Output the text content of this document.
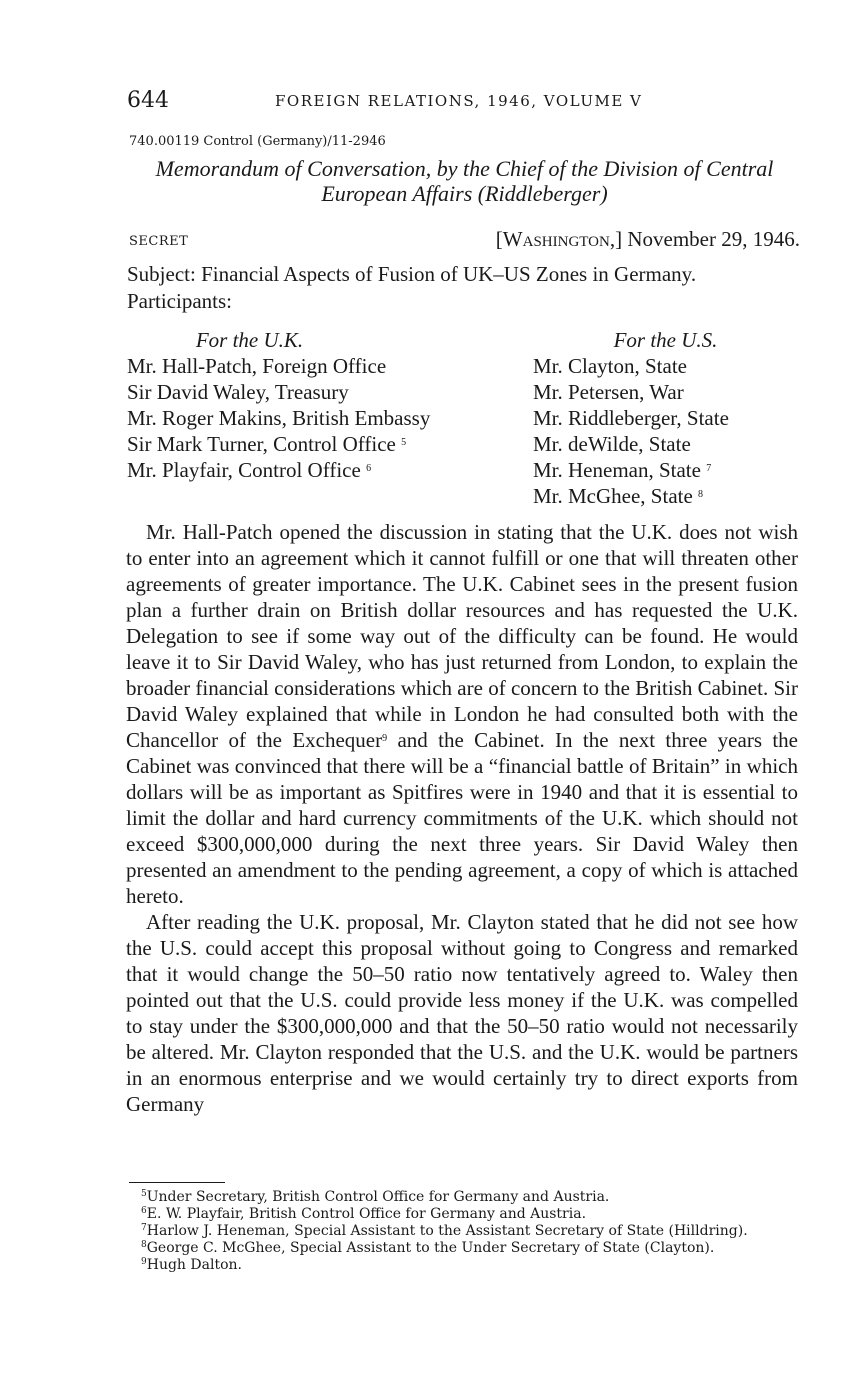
644	FOREIGN RELATIONS, 1946, VOLUME V
740.00119 Control (Germany)/11-2946
Memorandum of Conversation, by the Chief of the Division of Central
European Affairs (Riddleberger)
SECRET	[WASHINGTON,] November 29, 1946.
Subject: Financial Aspects of Fusion of UK–US Zones in Germany.
Participants:
For the U.K.
Mr. Hall-Patch, Foreign Office
Sir David Waley, Treasury
Mr. Roger Makins, British Embassy
Sir Mark Turner, Control Office $^5$
Mr. Playfair, Control Office $^6$
For the U.S.
Mr. Clayton, State
Mr. Petersen, War
Mr. Riddleberger, State
Mr. deWilde, State
Mr. Heneman, State $^7$
Mr. McGhee, State $^8$

Mr. Hall-Patch opened the discussion in stating that the U.K. does not wish to enter into an agreement which it cannot fulfill or one that will threaten other agreements of greater importance. The U.K. Cabinet sees in the present fusion plan a further drain on British dollar resources and has requested the U.K. Delegation to see if some way out of the difficulty can be found. He would leave it to Sir David Waley, who has just returned from London, to explain the broader financial considerations which are of concern to the British Cabinet. Sir David Waley explained that while in London he had consulted both with the Chancellor of the Exchequer$^9$ and the Cabinet. In the next three years the Cabinet was convinced that there will be a “financial battle of Britain” in which dollars will be as important as Spitfires were in 1940 and that it is essential to limit the dollar and hard currency commitments of the U.K. which should not exceed $300,000,000 during the next three years. Sir David Waley then presented an amendment to the pending agreement, a copy of which is attached hereto.

After reading the U.K. proposal, Mr. Clayton stated that he did not see how the U.S. could accept this proposal without going to Congress and remarked that it would change the 50–50 ratio now tentatively agreed to. Waley then pointed out that the U.S. could provide less money if the U.K. was compelled to stay under the $300,000,000 and that the 50–50 ratio would not necessarily be altered. Mr. Clayton responded that the U.S. and the U.K. would be partners in an enormous enterprise and we would certainly try to direct exports from Germany

$^5$Under Secretary, British Control Office for Germany and Austria.

$^6$E. W. Playfair, British Control Office for Germany and Austria.

$^7$Harlow J. Heneman, Special Assistant to the Assistant Secretary of State (Hilldring).

$^8$George C. McGhee, Special Assistant to the Under Secretary of State (Clayton).

$^9$Hugh Dalton.
